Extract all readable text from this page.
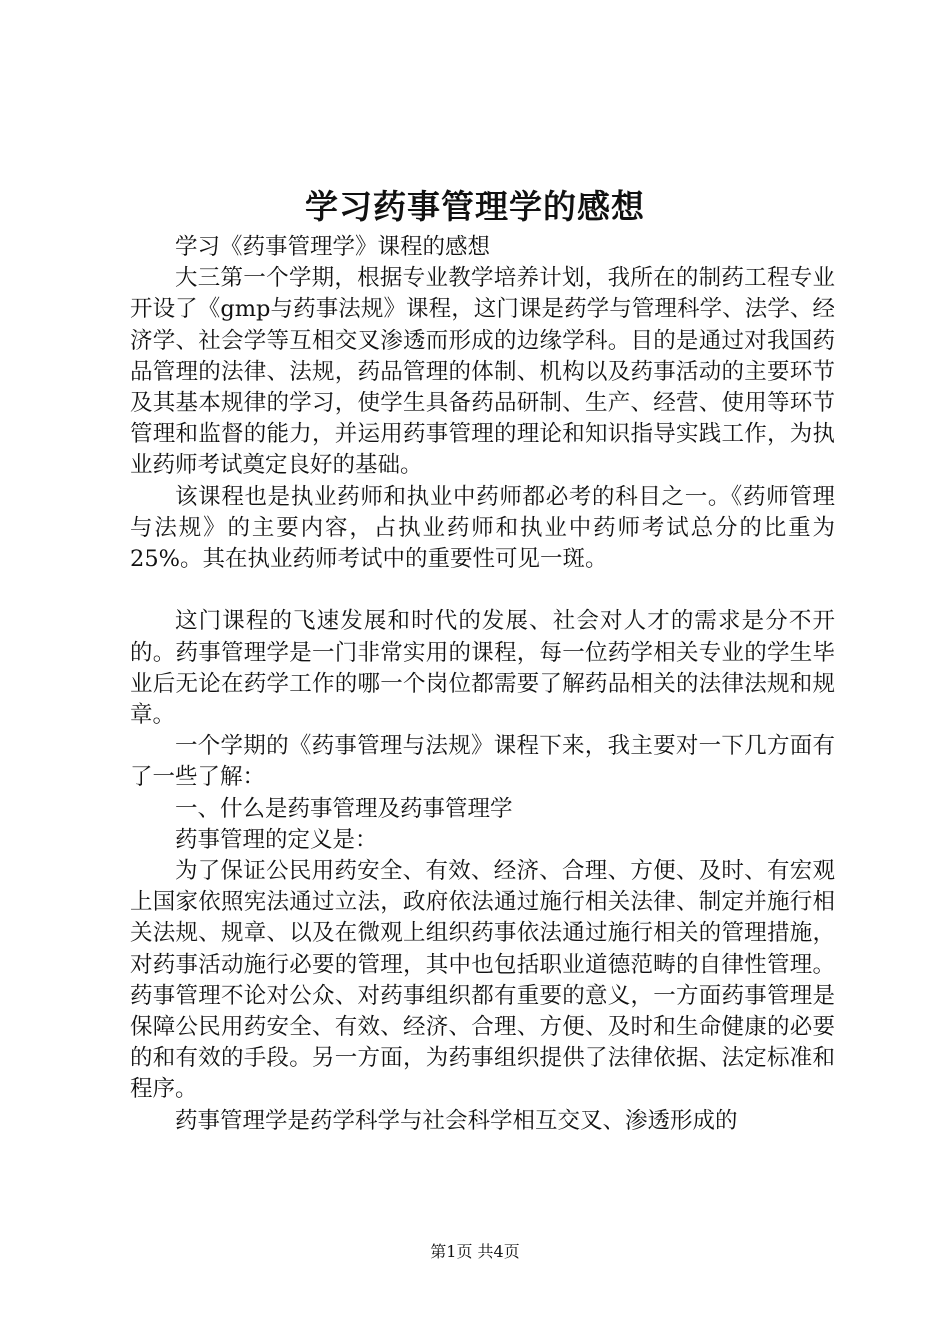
学习药事管理学的感想

学习《药事管理学》课程的感想

大三第一个学期，根据专业教学培养计划，我所在的制药工程专业开设了《gmp与药事法规》课程，这门课是药学与管理科学、法学、经济学、社会学等互相交叉渗透而形成的边缘学科。目的是通过对我国药品管理的法律、法规，药品管理的体制、机构以及药事活动的主要环节及其基本规律的学习，使学生具备药品研制、生产、经营、使用等环节管理和监督的能力，并运用药事管理的理论和知识指导实践工作，为执业药师考试奠定良好的基础。

该课程也是执业药师和执业中药师都必考的科目之一。《药师管理与法规》的主要内容，占执业药师和执业中药师考试总分的比重为25%。其在执业药师考试中的重要性可见一斑。

这门课程的飞速发展和时代的发展、社会对人才的需求是分不开的。药事管理学是一门非常实用的课程，每一位药学相关专业的学生毕业后无论在药学工作的哪一个岗位都需要了解药品相关的法律法规和规章。

一个学期的《药事管理与法规》课程下来，我主要对一下几方面有了一些了解：

一、什么是药事管理及药事管理学

药事管理的定义是：

为了保证公民用药安全、有效、经济、合理、方便、及时、有宏观上国家依照宪法通过立法，政府依法通过施行相关法律、制定并施行相关法规、规章、以及在微观上组织药事依法通过施行相关的管理措施，对药事活动施行必要的管理，其中也包括职业道德范畴的自律性管理。药事管理不论对公众、对药事组织都有重要的意义，一方面药事管理是保障公民用药安全、有效、经济、合理、方便、及时和生命健康的必要的和有效的手段。另一方面，为药事组织提供了法律依据、法定标准和程序。

药事管理学是药学科学与社会科学相互交叉、渗透形成的

第1页 共4页
